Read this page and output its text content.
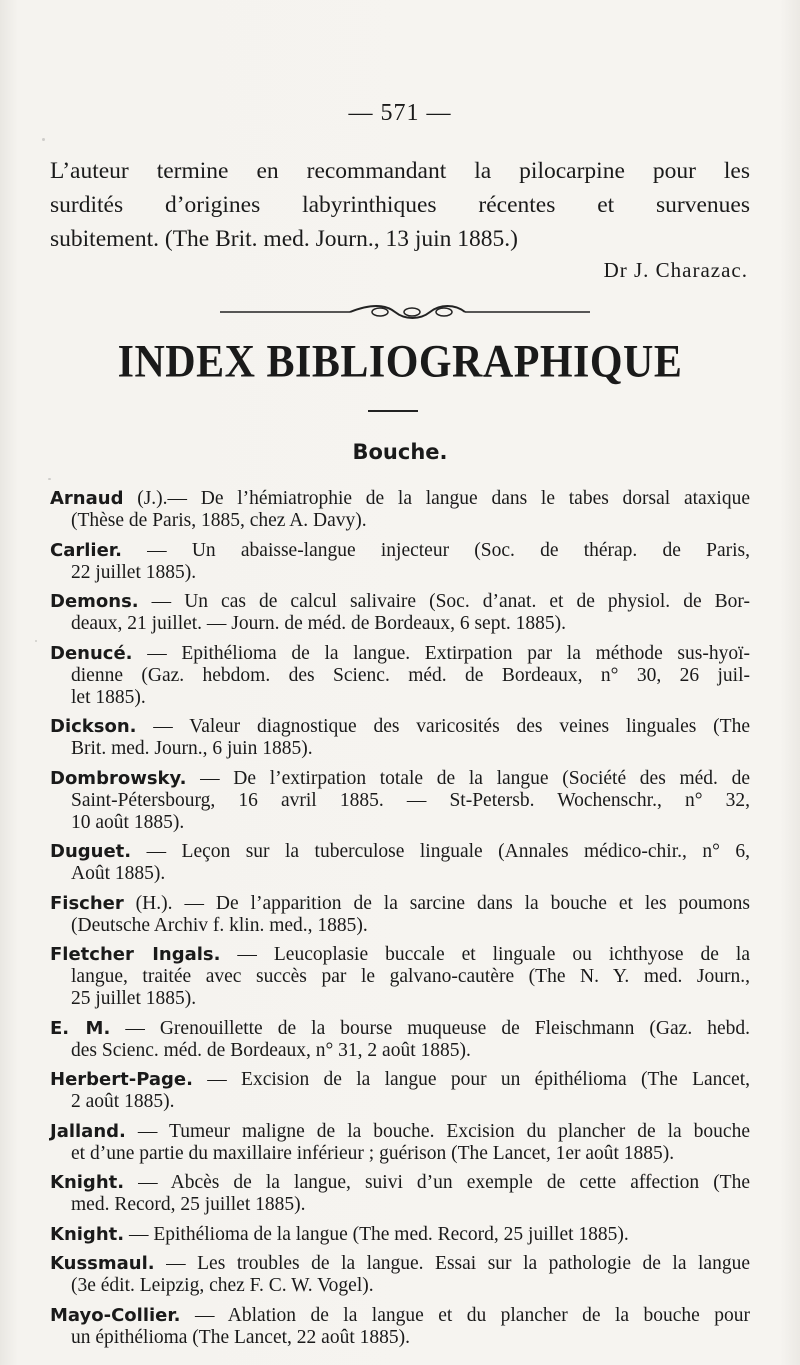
— 571 —
L’auteur termine en recommandant la pilocarpine pour les
surdités d’origines labyrinthiques récentes et survenues
subitement. (The Brit. med. Journ., 13 juin 1885.)
Dr J. Charazac.
INDEX BIBLIOGRAPHIQUE
Bouche.
Arnaud (J.).— De l’hémiatrophie de la langue dans le tabes dorsal ataxique
(Thèse de Paris, 1885, chez A. Davy).
Carlier. — Un abaisse-langue injecteur (Soc. de thérap. de Paris,
22 juillet 1885).
Demons. — Un cas de calcul salivaire (Soc. d’anat. et de physiol. de Bor-
deaux, 21 juillet. — Journ. de méd. de Bordeaux, 6 sept. 1885).
Denucé. — Epithélioma de la langue. Extirpation par la méthode sus-hyoï-
dienne (Gaz. hebdom. des Scienc. méd. de Bordeaux, n° 30, 26 juil-
let 1885).
Dickson. — Valeur diagnostique des varicosités des veines linguales (The
Brit. med. Journ., 6 juin 1885).
Dombrowsky. — De l’extirpation totale de la langue (Société des méd. de
Saint-Pétersbourg, 16 avril 1885. — St-Petersb. Wochenschr., n° 32,
10 août 1885).
Duguet. — Leçon sur la tuberculose linguale (Annales médico-chir., n° 6,
Août 1885).
Fischer (H.). — De l’apparition de la sarcine dans la bouche et les poumons
(Deutsche Archiv f. klin. med., 1885).
Fletcher Ingals. — Leucoplasie buccale et linguale ou ichthyose de la
langue, traitée avec succès par le galvano-cautère (The N. Y. med. Journ.,
25 juillet 1885).
E. M. — Grenouillette de la bourse muqueuse de Fleischmann (Gaz. hebd.
des Scienc. méd. de Bordeaux, n° 31, 2 août 1885).
Herbert-Page. — Excision de la langue pour un épithélioma (The Lancet,
2 août 1885).
Jalland. — Tumeur maligne de la bouche. Excision du plancher de la bouche
et d’une partie du maxillaire inférieur ; guérison (The Lancet, 1er août 1885).
Knight. — Abcès de la langue, suivi d’un exemple de cette affection (The
med. Record, 25 juillet 1885).
Knight. — Epithélioma de la langue (The med. Record, 25 juillet 1885).
Kussmaul. — Les troubles de la langue. Essai sur la pathologie de la langue
(3e édit. Leipzig, chez F. C. W. Vogel).
Mayo-Collier. — Ablation de la langue et du plancher de la bouche pour
un épithélioma (The Lancet, 22 août 1885).
